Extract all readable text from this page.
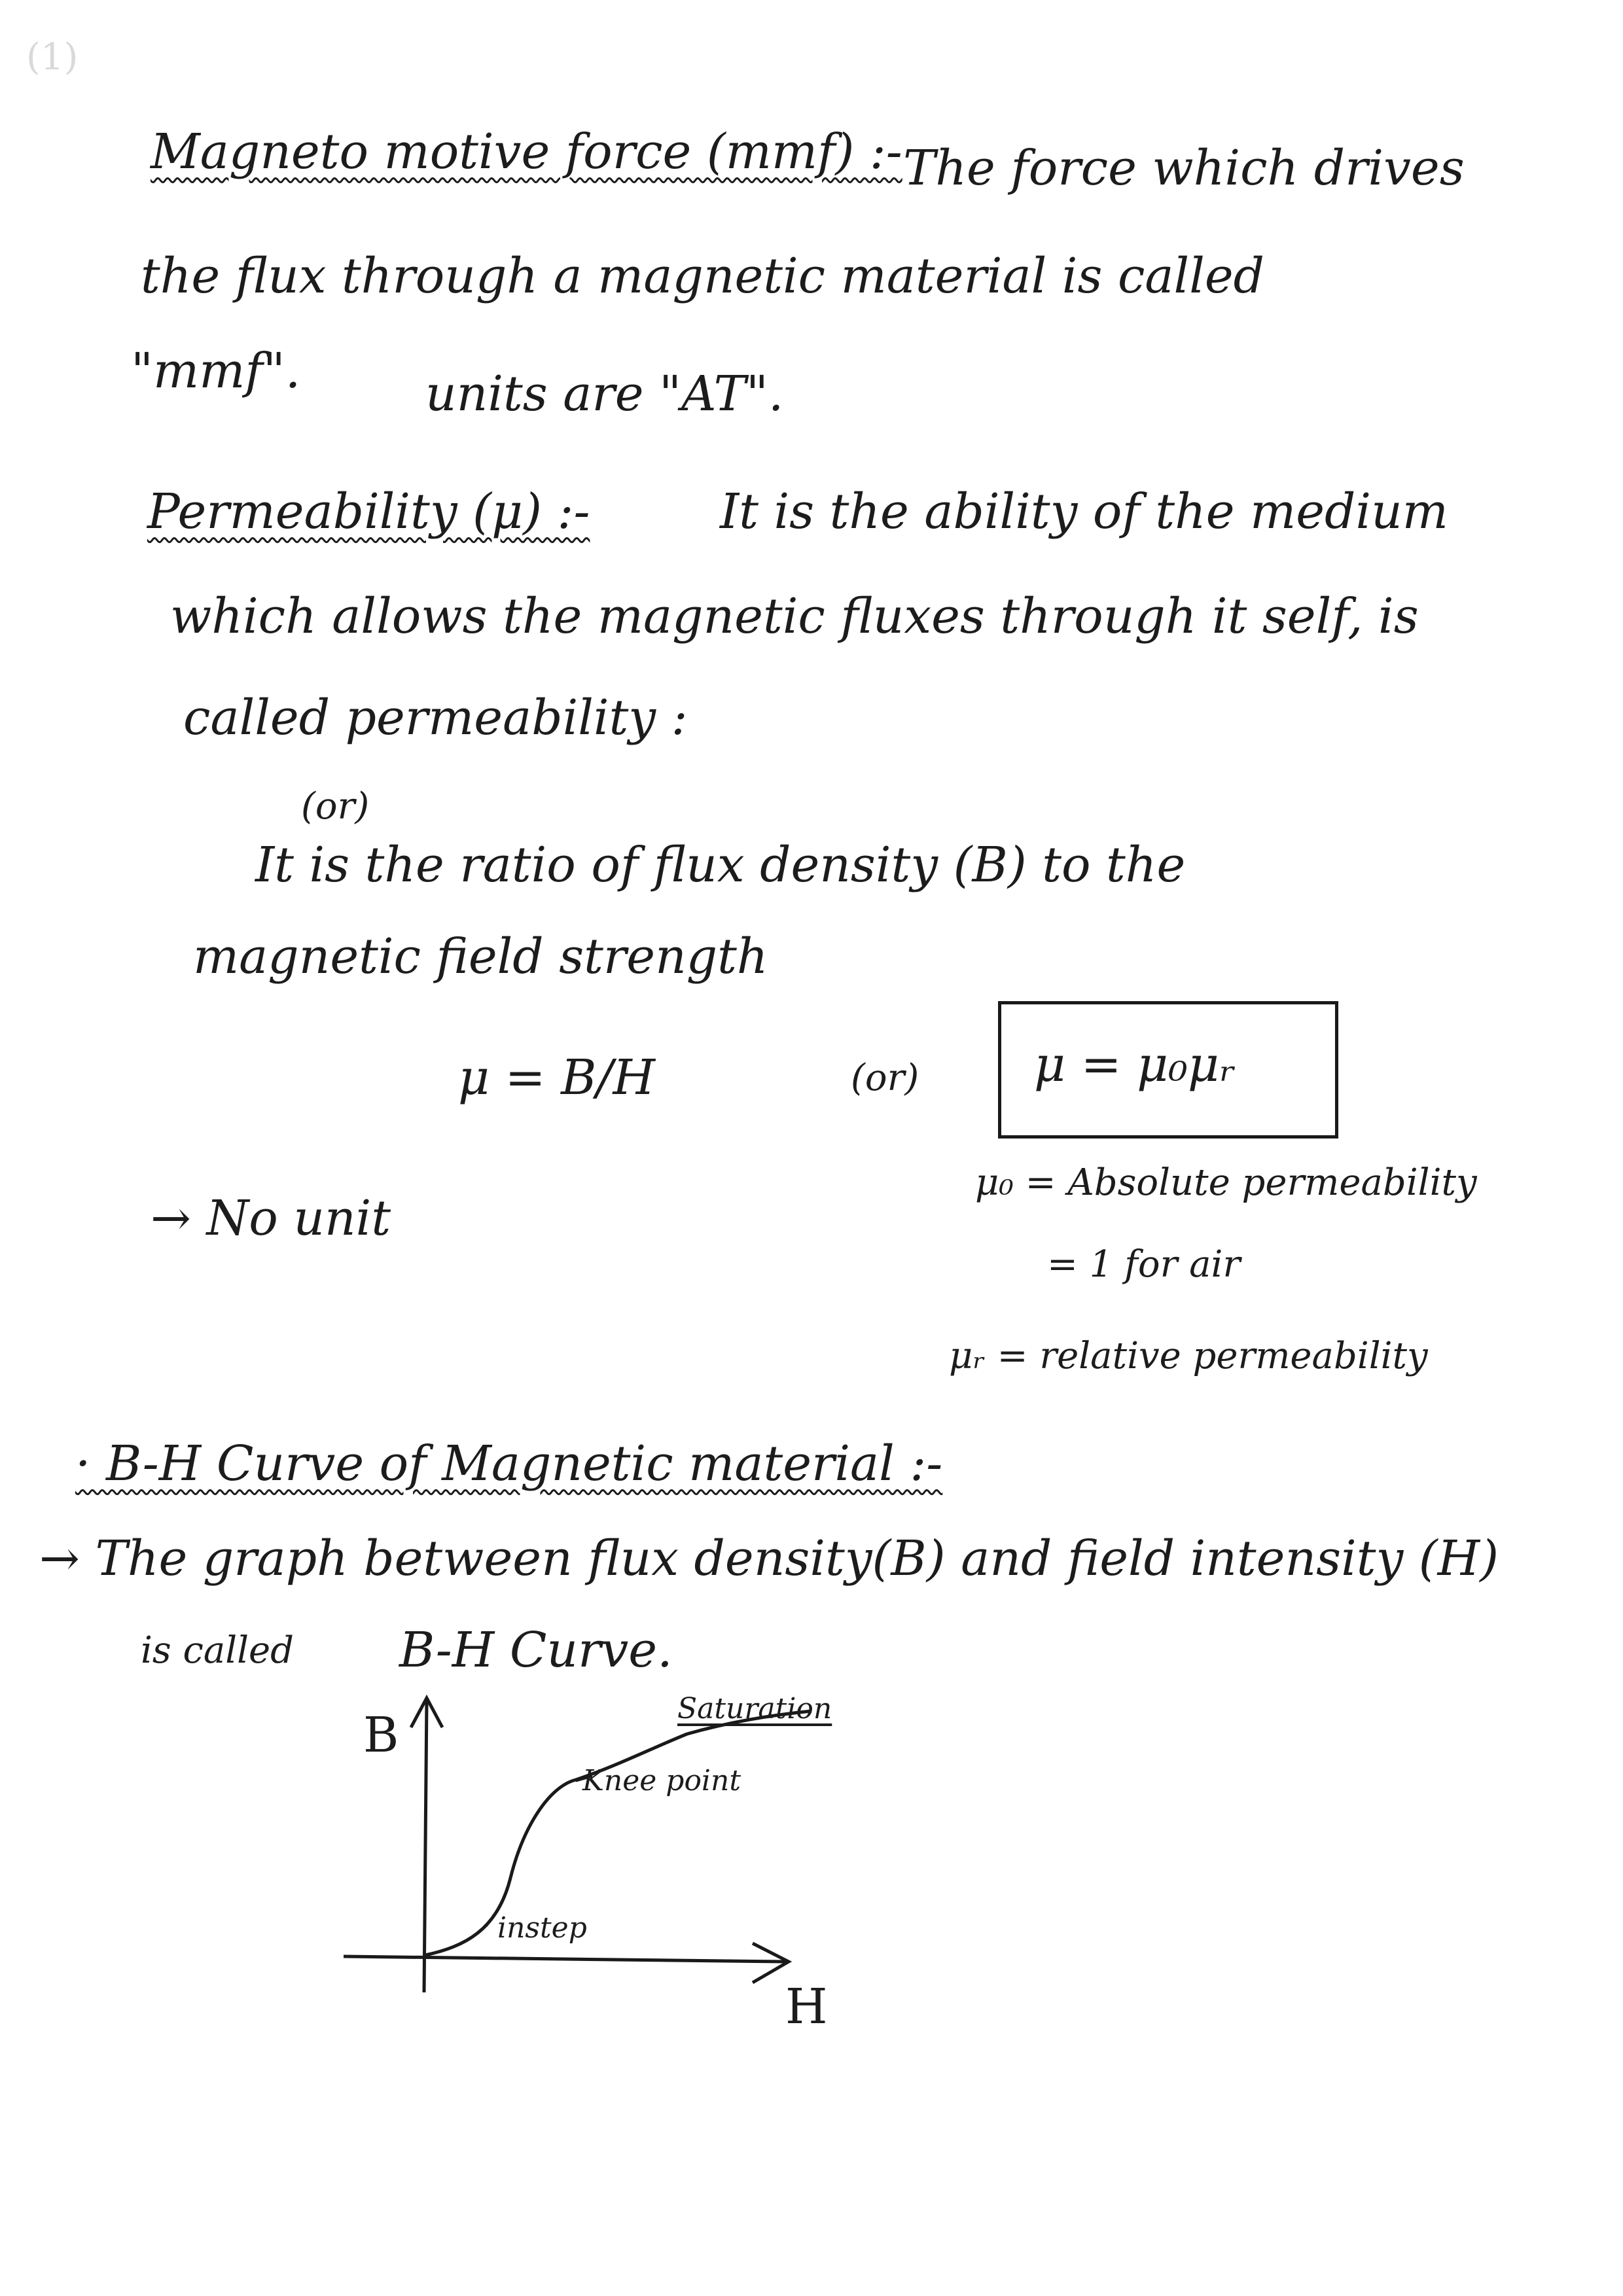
(1)
Magneto motive force (mmf) :- The force which drives
the flux through a magnetic material is called
"mmf".	units are "AT".
Permeability (μ) :-	It is the ability of the medium
which allows the magnetic fluxes through it self, is
called permeability :
(or)
It is the ratio of flux density (B) to the
magnetic field strength
μ = B/H	(or) μ = μ₀μᵣ
→ No unit
μ₀ = Absolute permeability
= 1 for air
μᵣ = relative permeability
· B-H Curve of Magnetic material :-
→ The graph between flux density(B) and field intensity (H)
is called B-H Curve.
B
H
Saturation
Knee point
instep
